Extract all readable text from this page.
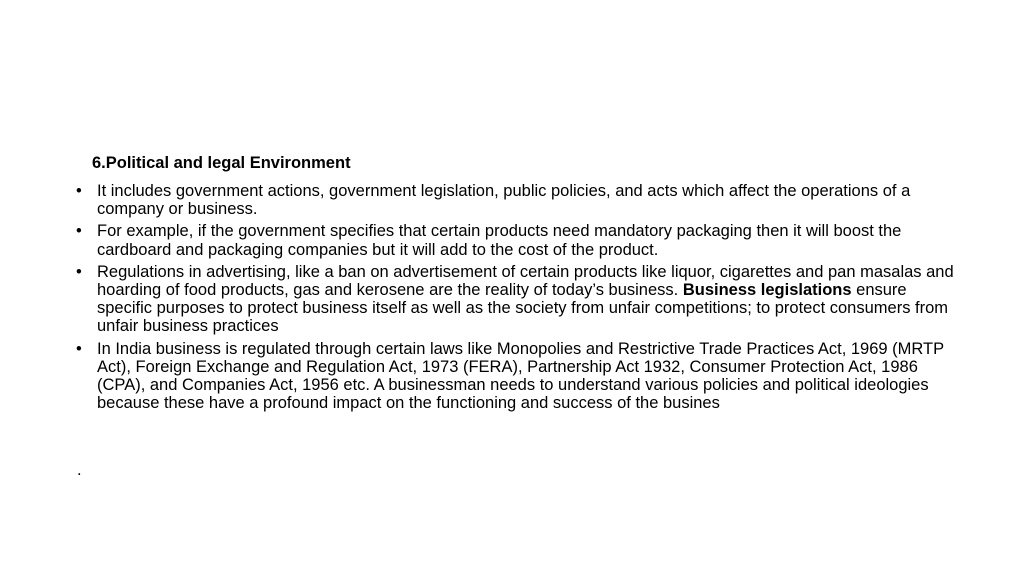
6.Political and legal Environment
• It includes government actions, government legislation, public policies, and acts which affect the operations of a company or business.
• For example, if the government specifies that certain products need mandatory packaging then it will boost the cardboard and packaging companies but it will add to the cost of the product.
• Regulations in advertising, like a ban on advertisement of certain products like liquor, cigarettes and pan masalas and hoarding of food products, gas and kerosene are the reality of today’s business. Business legislations ensure specific purposes to protect business itself as well as the society from unfair competitions; to protect consumers from unfair business practices
• In India business is regulated through certain laws like Monopolies and Restrictive Trade Practices Act, 1969 (MRTP Act), Foreign Exchange and Regulation Act, 1973 (FERA), Partnership Act 1932, Consumer Protection Act, 1986 (CPA), and Companies Act, 1956 etc. A businessman needs to understand various policies and political ideologies because these have a profound impact on the functioning and success of the busines
.
